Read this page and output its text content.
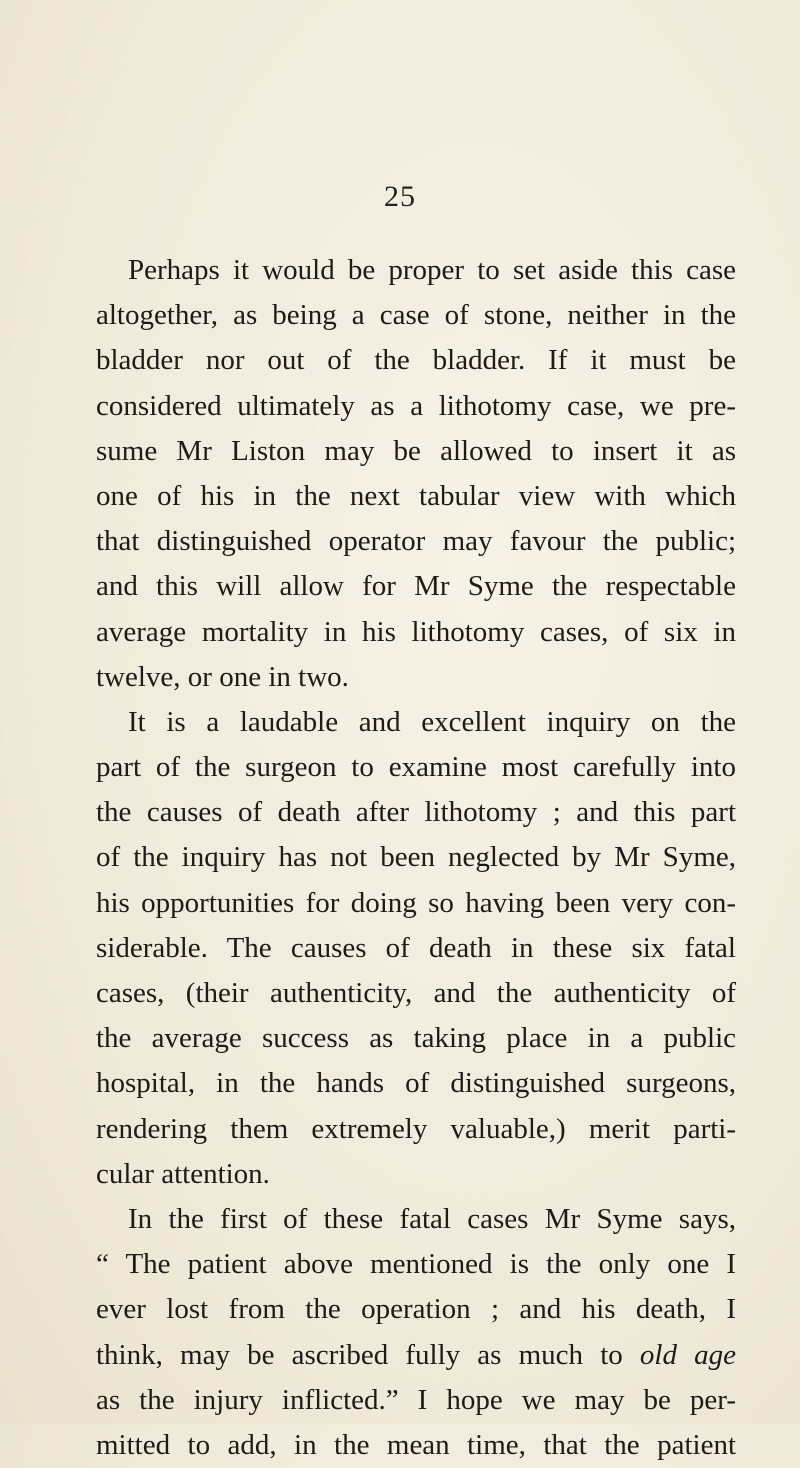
25
Perhaps it would be proper to set aside this case
altogether, as being a case of stone, neither in the
bladder nor out of the bladder. If it must be
considered ultimately as a lithotomy case, we pre-
sume Mr Liston may be allowed to insert it as
one of his in the next tabular view with which
that distinguished operator may favour the public;
and this will allow for Mr Syme the respectable
average mortality in his lithotomy cases, of six in
twelve, or one in two.
It is a laudable and excellent inquiry on the
part of the surgeon to examine most carefully into
the causes of death after lithotomy ; and this part
of the inquiry has not been neglected by Mr Syme,
his opportunities for doing so having been very con-
siderable. The causes of death in these six fatal
cases, (their authenticity, and the authenticity of
the average success as taking place in a public
hospital, in the hands of distinguished surgeons,
rendering them extremely valuable,) merit parti-
cular attention.
In the first of these fatal cases Mr Syme says,
“ The patient above mentioned is the only one I
ever lost from the operation ; and his death, I
think, may be ascribed fully as much to old age
as the injury inflicted.” I hope we may be per-
mitted to add, in the mean time, that the patient
